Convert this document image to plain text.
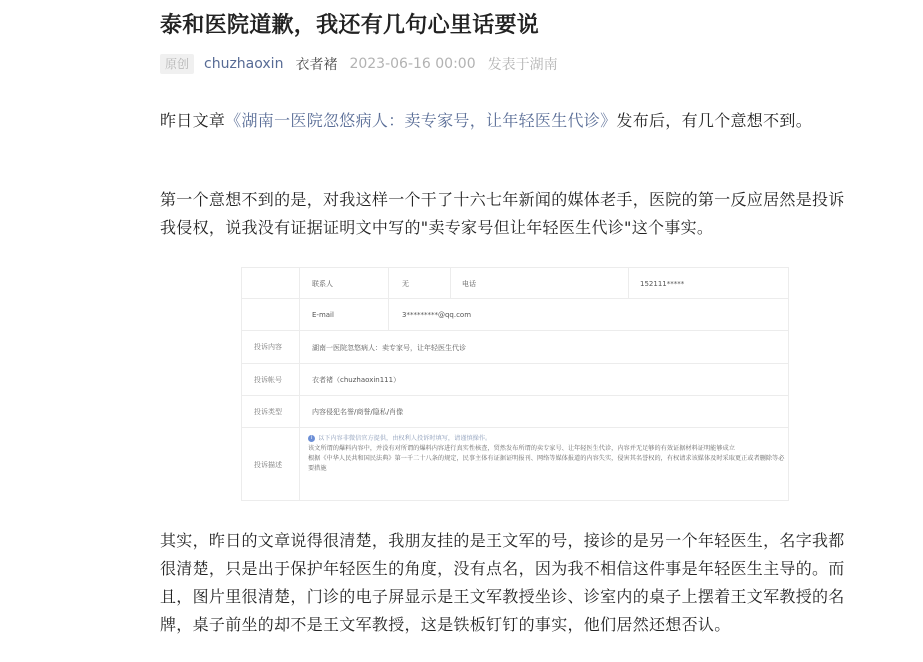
泰和医院道歉，我还有几句心里话要说
原创	chuzhaoxin 衣者褚 2023-06-16 00:00 发表于湖南

昨日文章《湖南一医院忽悠病人：卖专家号，让年轻医生代诊》发布后，有几个意想不到。

第一个意想不到的是，对我这样一个干了十六七年新闻的媒体老手，医院的第一反应居然是投诉我侵权，说我没有证据证明文中写的"卖专家号但让年轻医生代诊"这个事实。

联系人	无	电话	152111*****
E-mail	3*********@qq.com
投诉内容	湖南一医院忽悠病人：卖专家号，让年轻医生代诊
投诉帐号	衣者褚（chuzhaoxin111）
投诉类型	内容侵犯名誉/商誉/隐私/肖像
投诉描述
i 以下内容非微信官方提供，由权利人投诉时填写，请谨慎操作。
该文所谓的爆料内容中，并没有对所谓的爆料内容进行真实性核查，贸然发布所谓的卖专家号、让年轻医生代诊，内容并无足够的有效证据材料证明能够成立
根据《中华人民共和国民法典》第一千二十八条的规定，民事主体有证据证明报刊、网络等媒体报道的内容失实，侵害其名誉权的，有权请求该媒体及时采取更正或者删除等必要措施

其实，昨日的文章说得很清楚，我朋友挂的是王文军的号，接诊的是另一个年轻医生，名字我都很清楚，只是出于保护年轻医生的角度，没有点名，因为我不相信这件事是年轻医生主导的。而且，图片里很清楚，门诊的电子屏显示是王文军教授坐诊、诊室内的桌子上摆着王文军教授的名牌，桌子前坐的却不是王文军教授，这是铁板钉钉的事实，他们居然还想否认。
